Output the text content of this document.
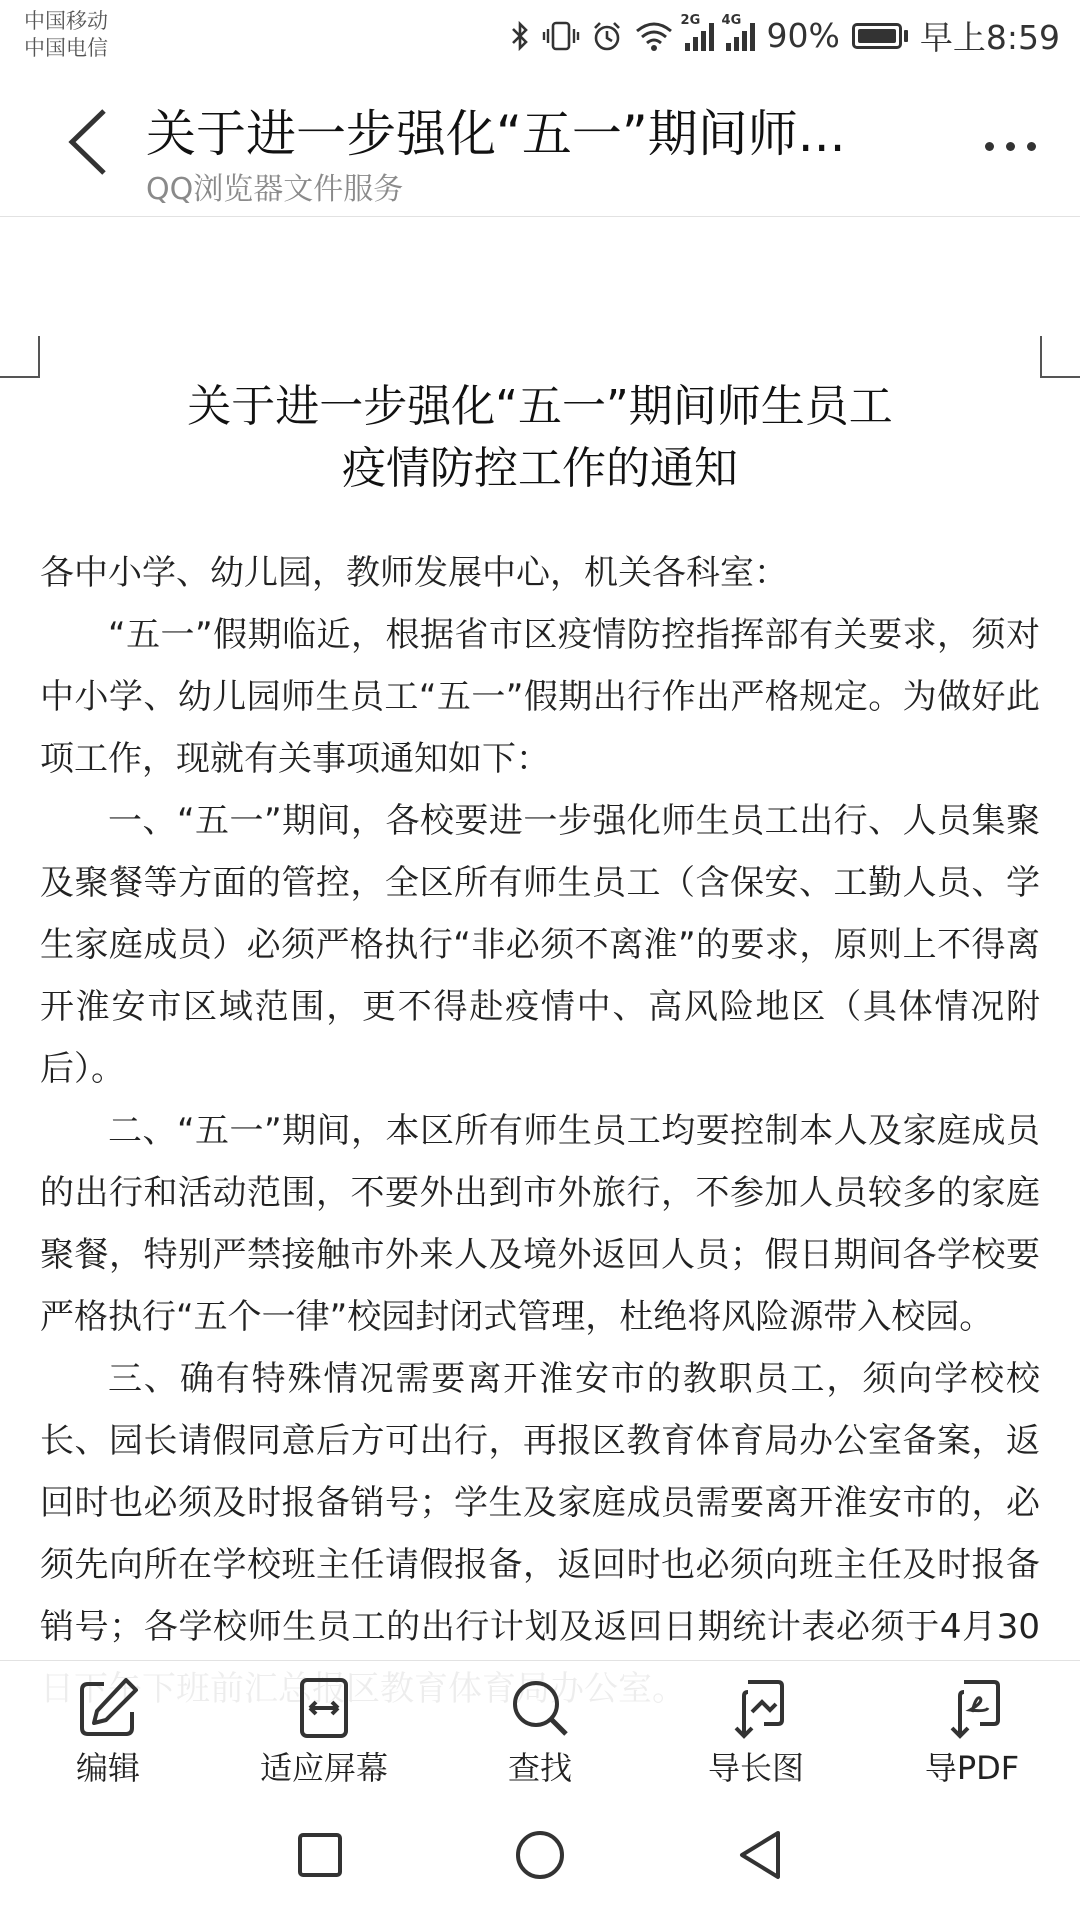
中国移动
中国电信
2G 4G 90% 早上8:59
关于进一步强化“五一”期间师...
QQ浏览器文件服务
关于进一步强化“五一”期间师生员工
疫情防控工作的通知

各中小学、幼儿园，教师发展中心，机关各科室：

“五一”假期临近，根据省市区疫情防控指挥部有关要求，须对中小学、幼儿园师生员工“五一”假期出行作出严格规定。为做好此项工作，现就有关事项通知如下：

一、“五一”期间，各校要进一步强化师生员工出行、人员集聚及聚餐等方面的管控，全区所有师生员工（含保安、工勤人员、学生家庭成员）必须严格执行“非必须不离淮”的要求，原则上不得离开淮安市区域范围，更不得赴疫情中、高风险地区（具体情况附后）。

二、“五一”期间，本区所有师生员工均要控制本人及家庭成员的出行和活动范围，不要外出到市外旅行，不参加人员较多的家庭聚餐，特别严禁接触市外来人及境外返回人员；假日期间各学校要严格执行“五个一律”校园封闭式管理，杜绝将风险源带入校园。

三、确有特殊情况需要离开淮安市的教职员工，须向学校校长、园长请假同意后方可出行，再报区教育体育局办公室备案，返回时也必须及时报备销号；学生及家庭成员需要离开淮安市的，必须先向所在学校班主任请假报备，返回时也必须向班主任及时报备销号；各学校师生员工的出行计划及返回日期统计表必须于4月30

编辑	适应屏幕	查找	导长图	导PDF
